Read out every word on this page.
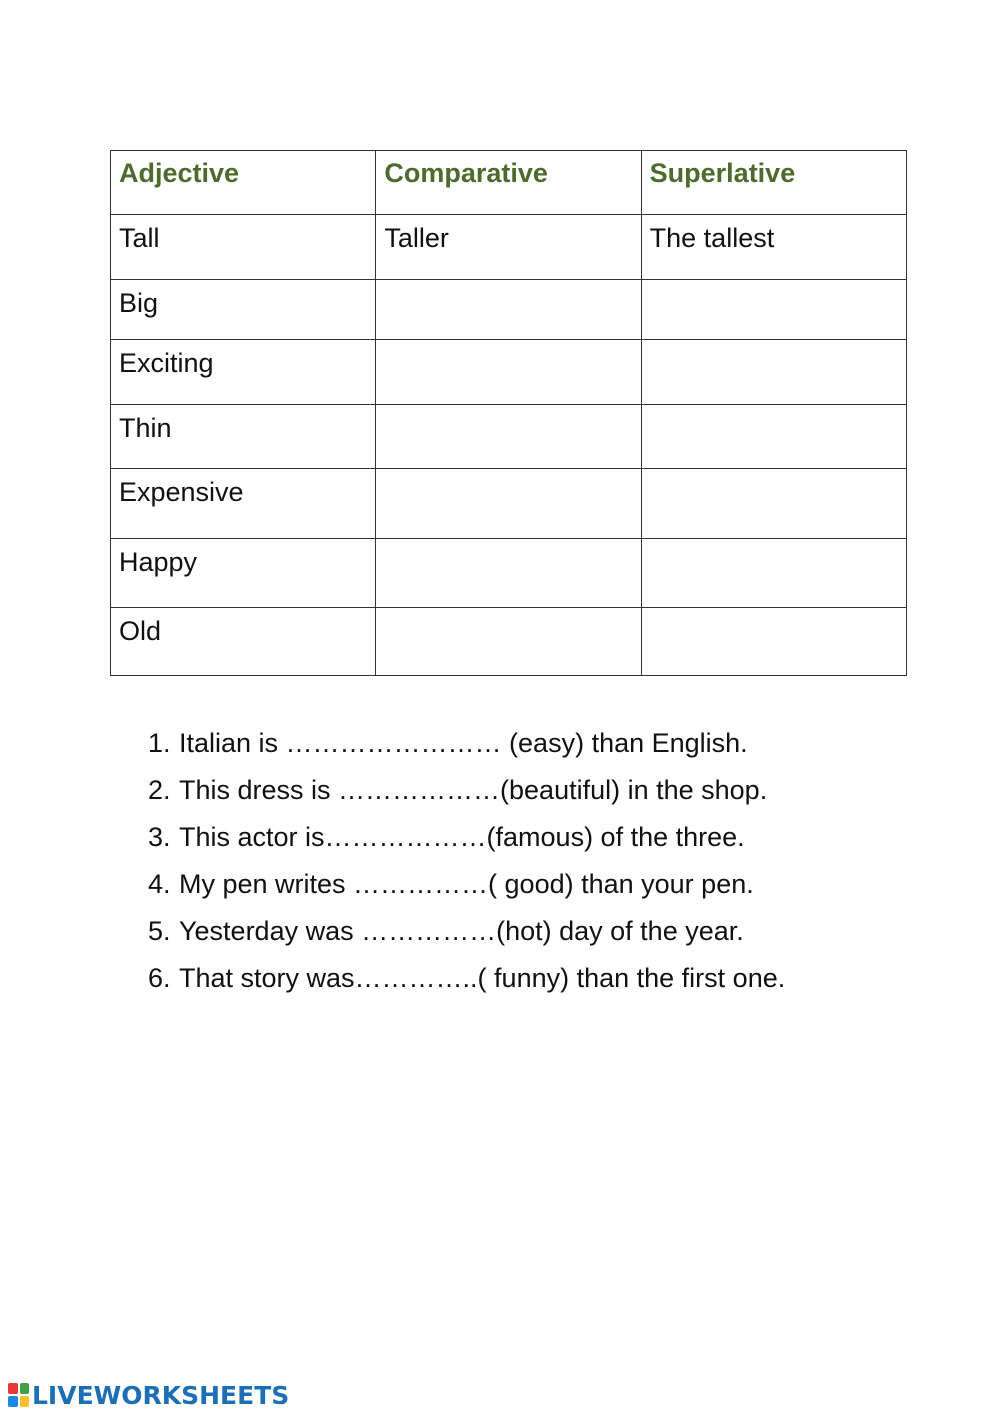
Adjective	Comparative	Superlative
Tall	Taller	The tallest
Big		
Exciting		
Thin		
Expensive		
Happy		
Old		
1. Italian is …………………… (easy) than English.
2. This dress is ………………(beautiful) in the shop.
3. This actor is………………(famous) of the three.
4. My pen writes ……………( good) than your pen.
5. Yesterday was ……………(hot) day of the year.
6. That story was…………..( funny) than the first one.
LIVEWORKSHEETS
